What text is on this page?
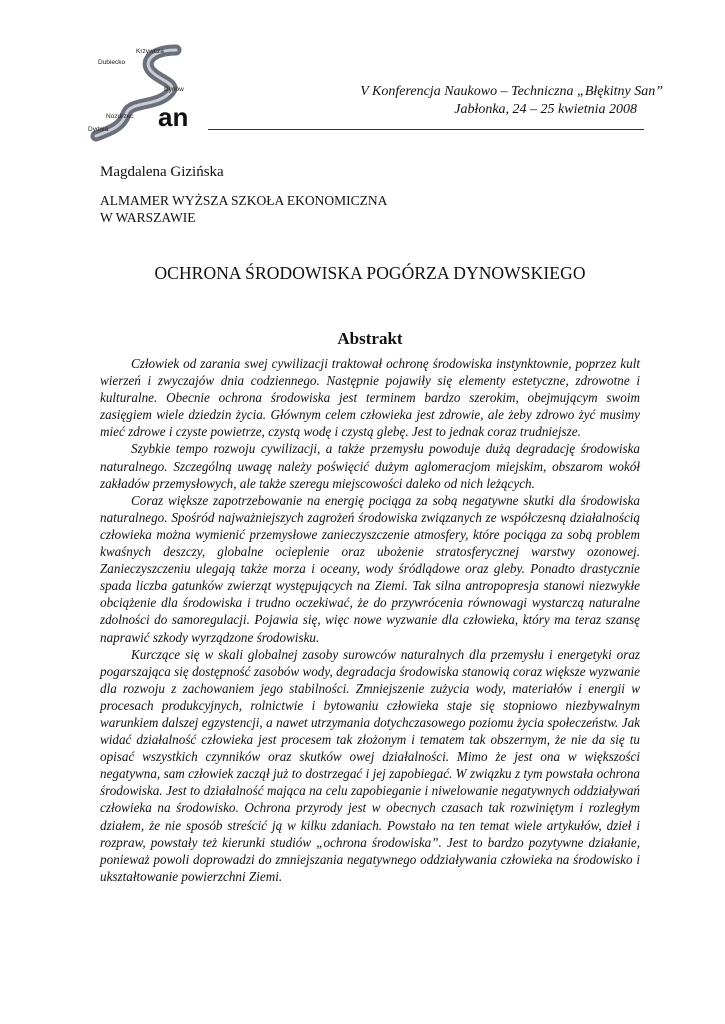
Krzywcza
Dubiecko
Dynów
Nozdrzec
Dydnia an
V Konferencja Naukowo – Techniczna „Błękitny San”
Jabłonka, 24 – 25 kwietnia 2008
Magdalena Gizińska
ALMAMER WYŻSZA SZKOŁA EKONOMICZNA
W WARSZAWIE
OCHRONA ŚRODOWISKA POGÓRZA DYNOWSKIEGO
Abstrakt

Człowiek od zarania swej cywilizacji traktował ochronę środowiska instynktownie, poprzez kult wierzeń i zwyczajów dnia codziennego. Następnie pojawiły się elementy estetyczne, zdrowotne i kulturalne. Obecnie ochrona środowiska jest terminem bardzo szerokim, obejmującym swoim zasięgiem wiele dziedzin życia. Głównym celem człowieka jest zdrowie, ale żeby zdrowo żyć musimy mieć zdrowe i czyste powietrze, czystą wodę i czystą glebę. Jest to jednak coraz trudniejsze.

Szybkie tempo rozwoju cywilizacji, a także przemysłu powoduje dużą degradację środowiska naturalnego. Szczególną uwagę należy poświęcić dużym aglomeracjom miejskim, obszarom wokół zakładów przemysłowych, ale także szeregu miejscowości daleko od nich leżących.

Coraz większe zapotrzebowanie na energię pociąga za sobą negatywne skutki dla środowiska naturalnego. Spośród najważniejszych zagrożeń środowiska związanych ze współczesną działalnością człowieka można wymienić przemysłowe zanieczyszczenie atmosfery, które pociąga za sobą problem kwaśnych deszczy, globalne ocieplenie oraz ubożenie stratosferycznej warstwy ozonowej. Zanieczyszczeniu ulegają także morza i oceany, wody śródlądowe oraz gleby. Ponadto drastycznie spada liczba gatunków zwierząt występujących na Ziemi. Tak silna antropopresja stanowi niezwykłe obciążenie dla środowiska i trudno oczekiwać, że do przywrócenia równowagi wystarczą naturalne zdolności do samoregulacji. Pojawia się, więc nowe wyzwanie dla człowieka, który ma teraz szansę naprawić szkody wyrządzone środowisku.

Kurczące się w skali globalnej zasoby surowców naturalnych dla przemysłu i energetyki oraz pogarszająca się dostępność zasobów wody, degradacja środowiska stanowią coraz większe wyzwanie dla rozwoju z zachowaniem jego stabilności. Zmniejszenie zużycia wody, materiałów i energii w procesach produkcyjnych, rolnictwie i bytowaniu człowieka staje się stopniowo niezbywalnym warunkiem dalszej egzystencji, a nawet utrzymania dotychczasowego poziomu życia społeczeństw. Jak widać działalność człowieka jest procesem tak złożonym i tematem tak obszernym, że nie da się tu opisać wszystkich czynników oraz skutków owej działalności. Mimo że jest ona w większości negatywna, sam człowiek zaczął już to dostrzegać i jej zapobiegać. W związku z tym powstała ochrona środowiska. Jest to działalność mająca na celu zapobieganie i niwelowanie negatywnych oddziaływań człowieka na środowisko. Ochrona przyrody jest w obecnych czasach tak rozwiniętym i rozległym działem, że nie sposób streścić ją w kilku zdaniach. Powstało na ten temat wiele artykułów, dzieł i rozpraw, powstały też kierunki studiów „ochrona środowiska”. Jest to bardzo pozytywne działanie, ponieważ powoli doprowadzi do zmniejszania negatywnego oddziaływania człowieka na środowisko i ukształtowanie powierzchni Ziemi.
